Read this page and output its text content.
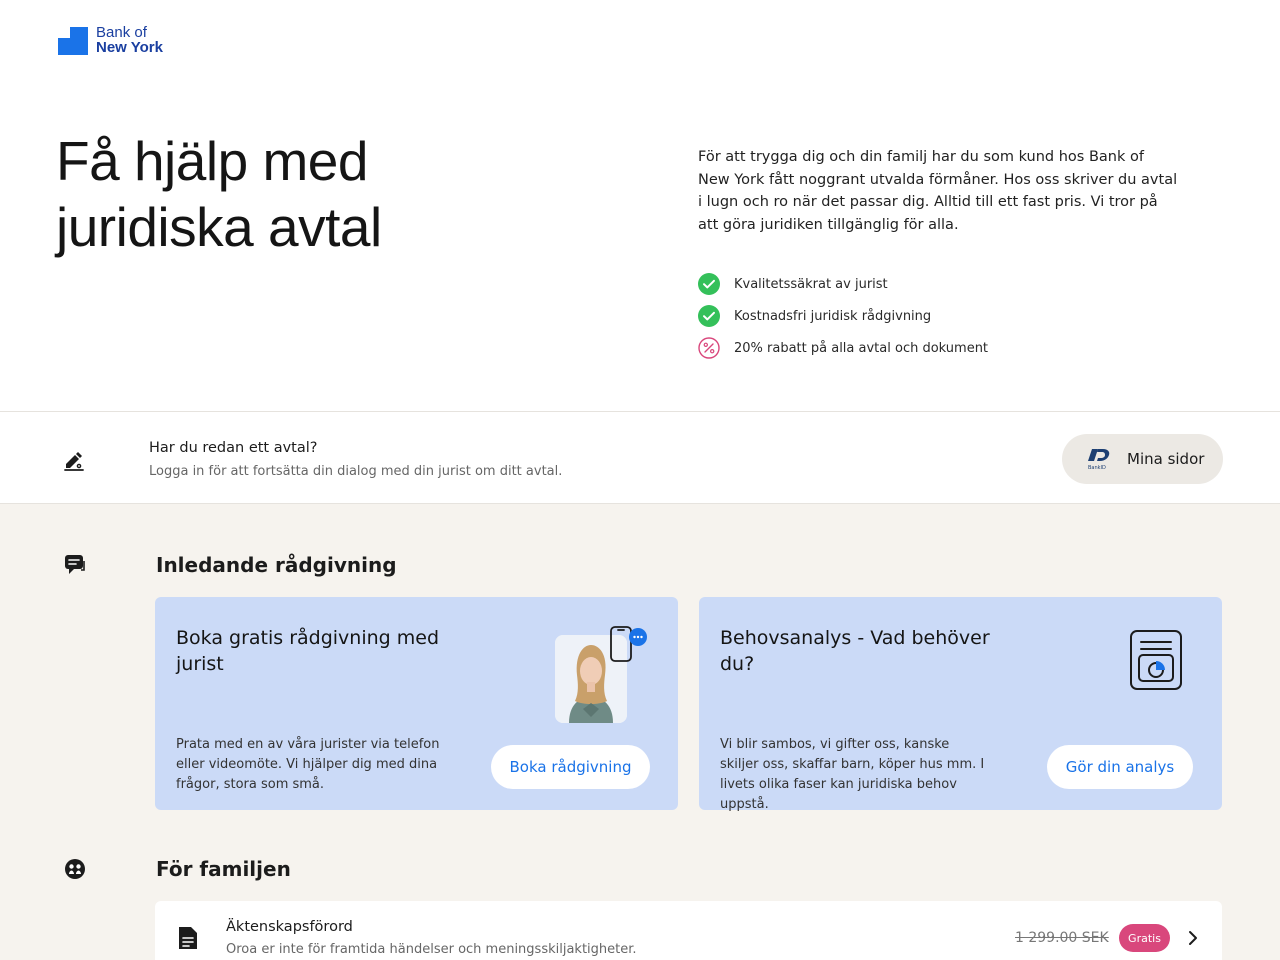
Bank of
New York
Få hjälp med juridiska avtal

För att trygga dig och din familj har du som kund hos Bank of New York fått noggrant utvalda förmåner. Hos oss skriver du avtal i lugn och ro när det passar dig. Alltid till ett fast pris. Vi tror på att göra juridiken tillgänglig för alla.

Kvalitetssäkrat av jurist
Kostnadsfri juridisk rådgivning
20% rabatt på alla avtal och dokument
Har du redan ett avtal?
Logga in för att fortsätta din dialog med din jurist om ditt avtal.	BankID Mina sidor
Inledande rådgivning
Boka gratis rådgivning med jurist

Prata med en av våra jurister via telefon eller videomöte. Vi hjälper dig med dina frågor, stora som små.

Boka rådgivning
Behovsanalys - Vad behöver du?

Vi blir sambos, vi gifter oss, kanske skiljer oss, skaffar barn, köper hus mm. I livets olika faser kan juridiska behov uppstå.

Gör din analys
För familjen
Äktenskapsförord
Oroa er inte för framtida händelser och meningsskiljaktigheter.
1 299.00 SEK	Gratis
